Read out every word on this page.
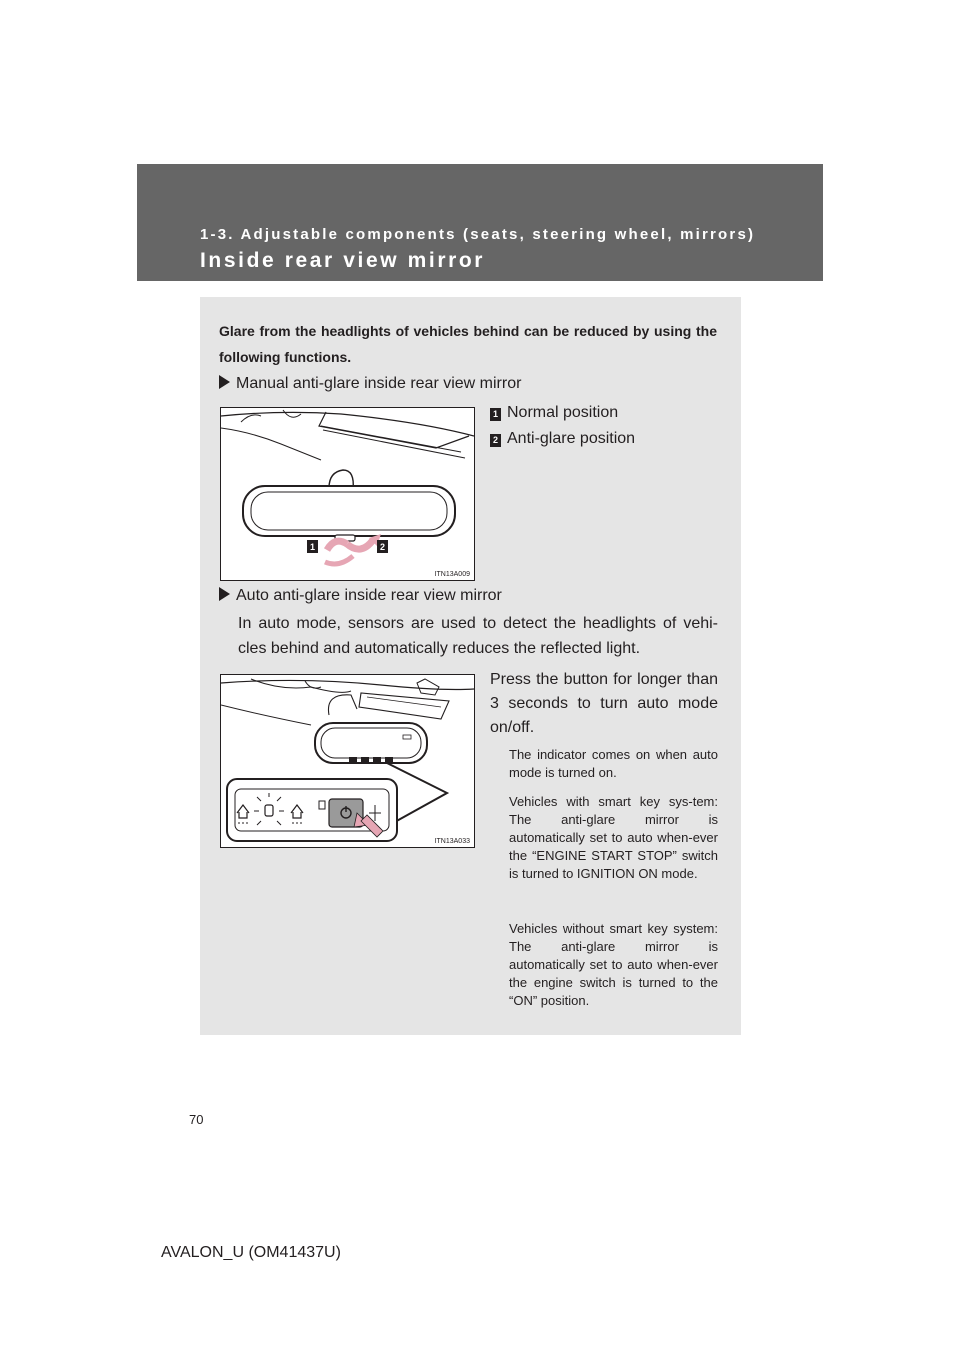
1-3. Adjustable components (seats, steering wheel, mirrors)
Inside rear view mirror
Glare from the headlights of vehicles behind can be reduced by using the following functions.
Manual anti-glare inside rear view mirror
1 Normal position
2 Anti-glare position
1	2
ITN13A009
Auto anti-glare inside rear view mirror
In auto mode, sensors are used to detect the headlights of vehi-cles behind and automatically reduces the reflected light.
Press the button for longer than 3 seconds to turn auto mode on/off.
The indicator comes on when auto mode is turned on.
Vehicles with smart key sys-tem: The anti-glare mirror is automatically set to auto when-ever the “ENGINE START STOP” switch is turned to IGNITION ON mode.
Vehicles without smart key system: The anti-glare mirror is automatically set to auto when-ever the engine switch is turned to the “ON” position.
ITN13A033
70
AVALON_U (OM41437U)
